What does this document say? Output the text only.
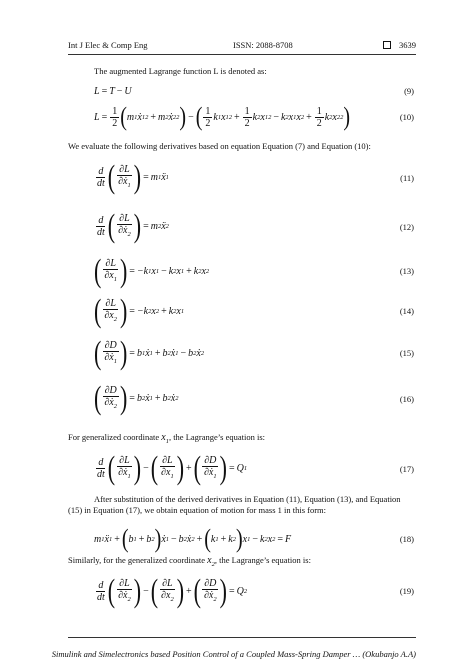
Int J Elec & Comp Eng	ISSN: 2088-8708	3639
The augmented Lagrange function L is denoted as:
L = T − U	(9)
$L = \frac{1}{2}$ ( m 1 ẋ 1 2 + m 2 ẋ 2 2 ) − ( $\frac{1}{2}$ k 1 x 1 $2 + \frac{1}{2}$ k 2 x 1 2 − k 2 x 1 x $2 + \frac{1}{2}$ k 2 x 2 2 )	(10)
We evaluate the following derivatives based on equation Equation (7) and Equation (10):
$\frac{d}{dt}$ ( $\frac{\partial L}{\partial ẋ_1}$ ) = m 1 ẍ 1	(11)
$\frac{d}{dt}$ ( $\frac{\partial L}{\partial ẋ_2}$ ) = m 2 ẍ 2	(12)
( $\frac{\partial L}{\partial x_1}$ ) = −k 1 x 1 − k 2 x 1 + k 2 x 2	(13)
( $\frac{\partial L}{\partial x_2}$ ) = −k 2 x 2 + k 2 x 1	(14)
( $\frac{\partial D}{\partial ẋ_1}$ ) = b 1 ẋ 1 + b 2 ẋ 1 − b 2 ẋ 2	(15)
( $\frac{\partial D}{\partial ẋ_2}$ ) = b 2 ẋ 1 + b 2 ẋ 2	(16)
For generalized coordinate $x_1$, the Lagrange’s equation is:
$\frac{d}{dt}$ ( $\frac{\partial L}{\partial ẋ_1}$ ) − ( $\frac{\partial L}{\partial x_1}$ ) + ( $\frac{\partial D}{\partial ẋ_1}$ ) = Q 1	(17)
After substitution of the derived derivatives in Equation (11), Equation (13), and Equation (15) in Equation (17), we obtain equation of motion for mass 1 in this form:
m 1 ẍ 1 + ( b 1 + b 2 ) ẋ 1 − b 2 ẋ 2 + ( k 1 + k 2 ) x 1 − k 2 x 2 = F	(18)
Similarly, for the generalized coordinate $x_2$, the Lagrange’s equation is:
$\frac{d}{dt}$ ( $\frac{\partial L}{\partial ẋ_2}$ ) − ( $\frac{\partial L}{\partial x_2}$ ) + ( $\frac{\partial D}{\partial ẋ_2}$ ) = Q 2	(19)
Simulink and Simelectronics based Position Control of a Coupled Mass-Spring Damper … (Okubanjo A.A)
